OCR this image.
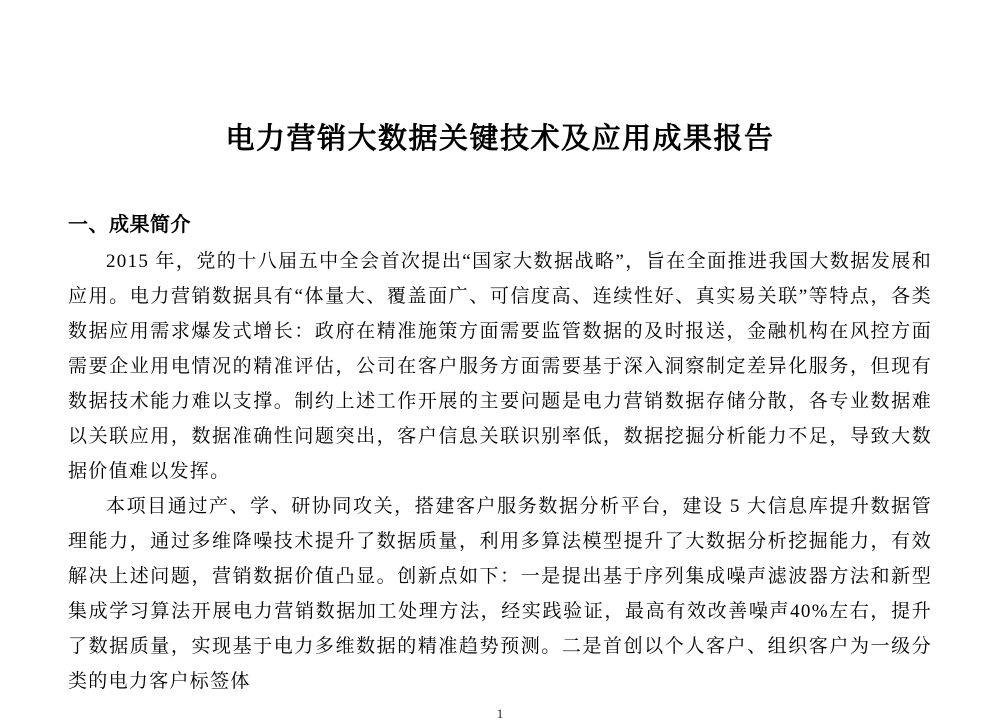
电力营销大数据关键技术及应用成果报告
一、成果简介

2015 年，党的十八届五中全会首次提出“国家大数据战略”，旨在全面推进我国大数据发展和应用。电力营销数据具有“体量大、覆盖面广、可信度高、连续性好、真实易关联”等特点，各类数据应用需求爆发式增长：政府在精准施策方面需要监管数据的及时报送，金融机构在风控方面需要企业用电情况的精准评估，公司在客户服务方面需要基于深入洞察制定差异化服务，但现有数据技术能力难以支撑。制约上述工作开展的主要问题是电力营销数据存储分散，各专业数据难以关联应用，数据准确性问题突出，客户信息关联识别率低，数据挖掘分析能力不足，导致大数据价值难以发挥。

本项目通过产、学、研协同攻关，搭建客户服务数据分析平台，建设 5 大信息库提升数据管理能力，通过多维降噪技术提升了数据质量，利用多算法模型提升了大数据分析挖掘能力，有效解决上述问题，营销数据价值凸显。创新点如下：一是提出基于序列集成噪声滤波器方法和新型集成学习算法开展电力营销数据加工处理方法，经实践验证，最高有效改善噪声40%左右，提升了数据质量，实现基于电力多维数据的精准趋势预测。二是首创以个人客户、组织客户为一级分类的电力客户标签体

1
